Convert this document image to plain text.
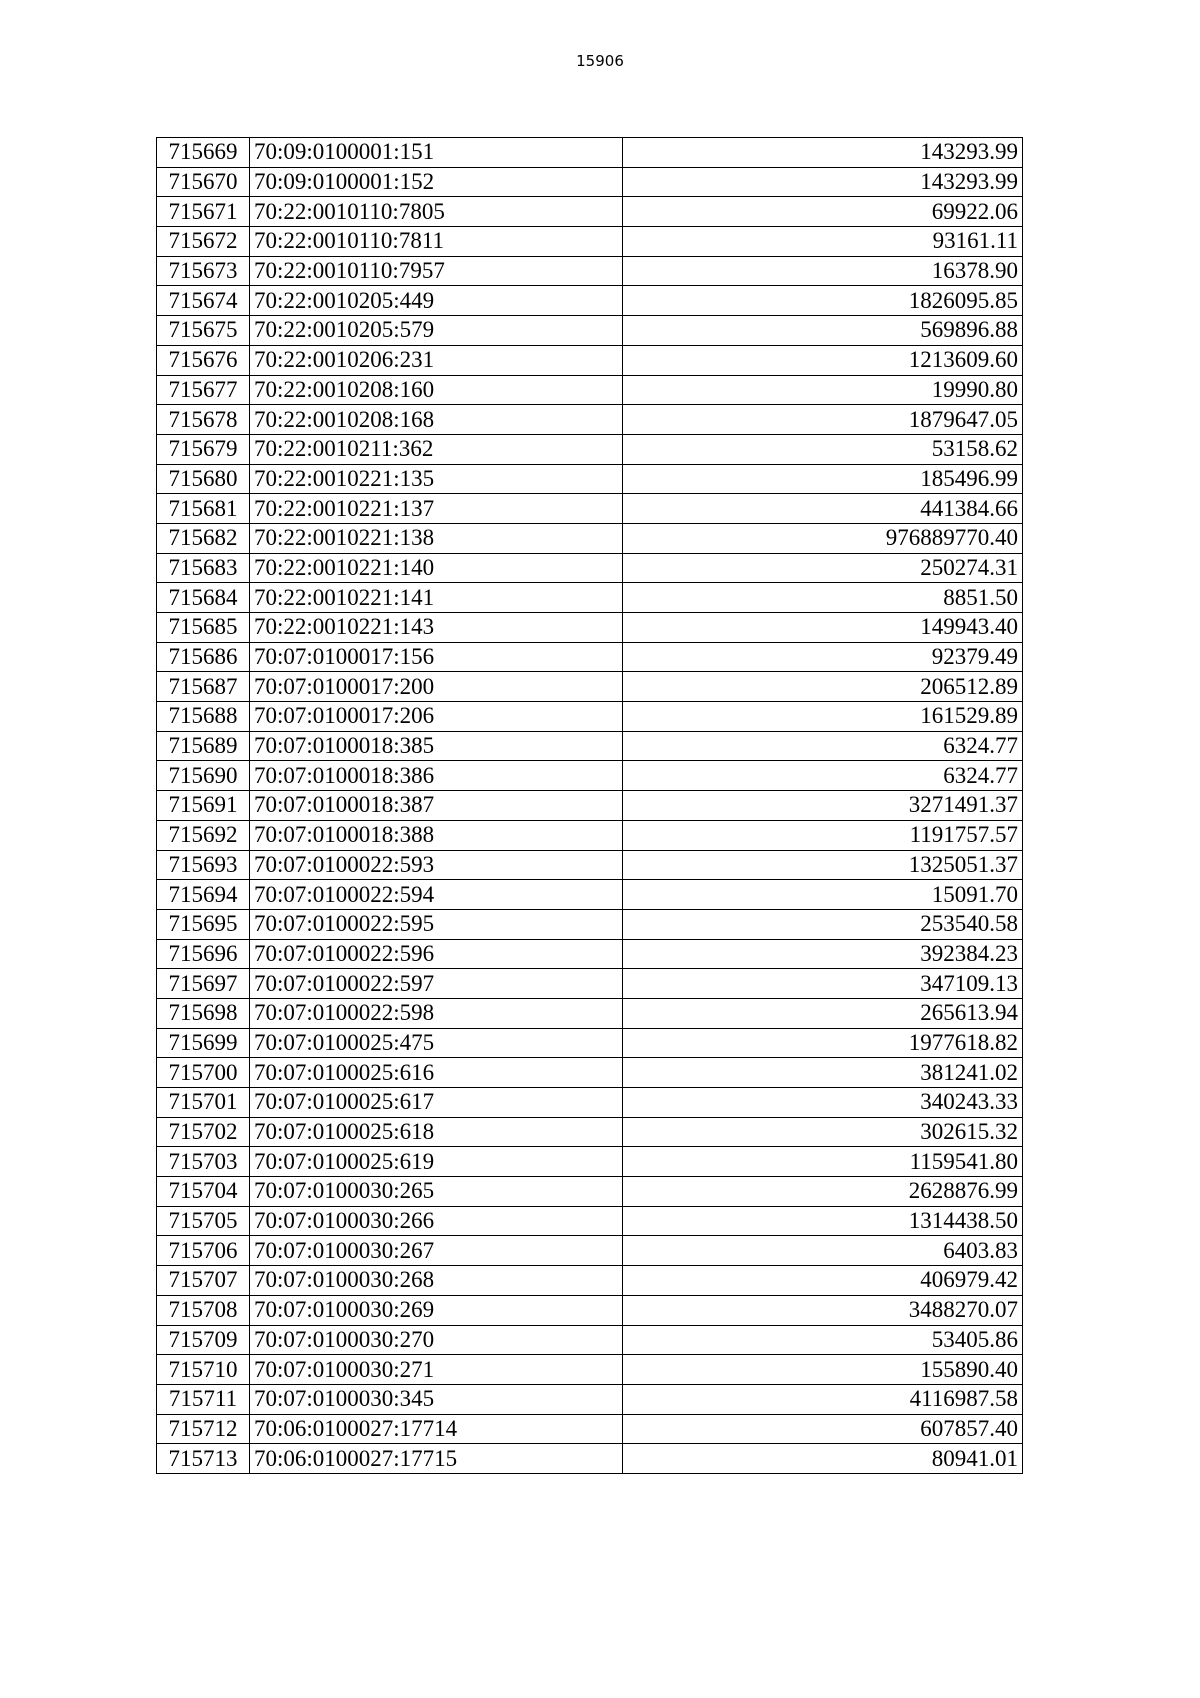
15906
715669	70:09:0100001:151	143293.99
715670	70:09:0100001:152	143293.99
715671	70:22:0010110:7805	69922.06
715672	70:22:0010110:7811	93161.11
715673	70:22:0010110:7957	16378.90
715674	70:22:0010205:449	1826095.85
715675	70:22:0010205:579	569896.88
715676	70:22:0010206:231	1213609.60
715677	70:22:0010208:160	19990.80
715678	70:22:0010208:168	1879647.05
715679	70:22:0010211:362	53158.62
715680	70:22:0010221:135	185496.99
715681	70:22:0010221:137	441384.66
715682	70:22:0010221:138	976889770.40
715683	70:22:0010221:140	250274.31
715684	70:22:0010221:141	8851.50
715685	70:22:0010221:143	149943.40
715686	70:07:0100017:156	92379.49
715687	70:07:0100017:200	206512.89
715688	70:07:0100017:206	161529.89
715689	70:07:0100018:385	6324.77
715690	70:07:0100018:386	6324.77
715691	70:07:0100018:387	3271491.37
715692	70:07:0100018:388	1191757.57
715693	70:07:0100022:593	1325051.37
715694	70:07:0100022:594	15091.70
715695	70:07:0100022:595	253540.58
715696	70:07:0100022:596	392384.23
715697	70:07:0100022:597	347109.13
715698	70:07:0100022:598	265613.94
715699	70:07:0100025:475	1977618.82
715700	70:07:0100025:616	381241.02
715701	70:07:0100025:617	340243.33
715702	70:07:0100025:618	302615.32
715703	70:07:0100025:619	1159541.80
715704	70:07:0100030:265	2628876.99
715705	70:07:0100030:266	1314438.50
715706	70:07:0100030:267	6403.83
715707	70:07:0100030:268	406979.42
715708	70:07:0100030:269	3488270.07
715709	70:07:0100030:270	53405.86
715710	70:07:0100030:271	155890.40
715711	70:07:0100030:345	4116987.58
715712	70:06:0100027:17714	607857.40
715713	70:06:0100027:17715	80941.01
